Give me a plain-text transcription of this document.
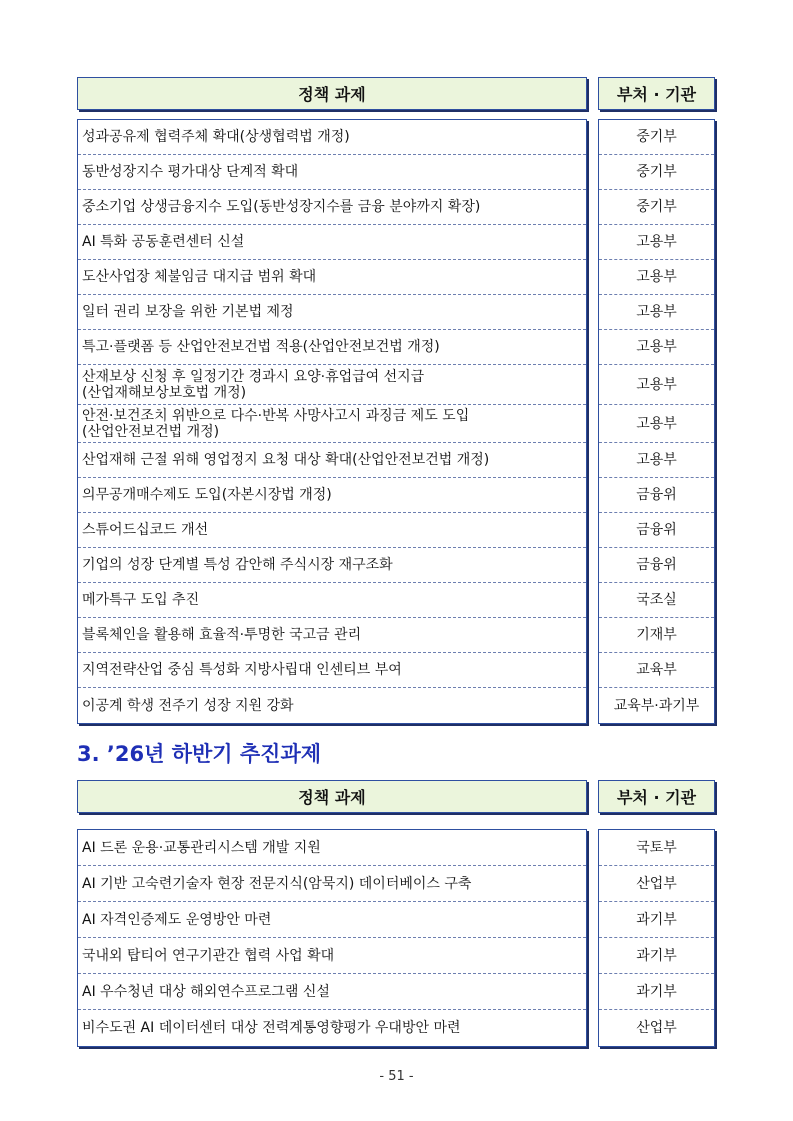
정책 과제	부처 · 기관
성과공유제 협력주체 확대(상생협력법 개정)
동반성장지수 평가대상 단계적 확대
중소기업 상생금융지수 도입(동반성장지수를 금융 분야까지 확장)
AI 특화 공동훈련센터 신설
도산사업장 체불임금 대지급 범위 확대
일터 권리 보장을 위한 기본법 제정
특고·플랫폼 등 산업안전보건법 적용(산업안전보건법 개정)
산재보상 신청 후 일정기간 경과시 요양·휴업급여 선지급
(산업재해보상보호법 개정)
안전·보건조치 위반으로 다수·반복 사망사고시 과징금 제도 도입
(산업안전보건법 개정)
산업재해 근절 위해 영업정지 요청 대상 확대(산업안전보건법 개정)
의무공개매수제도 도입(자본시장법 개정)
스튜어드십코드 개선
기업의 성장 단계별 특성 감안해 주식시장 재구조화
메가특구 도입 추진
블록체인을 활용해 효율적·투명한 국고금 관리
지역전략산업 중심 특성화 지방사립대 인센티브 부여
이공계 학생 전주기 성장 지원 강화
중기부
중기부
중기부
고용부
고용부
고용부
고용부
고용부
고용부
고용부
금융위
금융위
금융위
국조실
기재부
교육부
교육부·과기부
3. ’26년 하반기 추진과제
정책 과제	부처 · 기관
AI 드론 운용·교통관리시스템 개발 지원
AI 기반 고숙련기술자 현장 전문지식(암묵지) 데이터베이스 구축
AI 자격인증제도 운영방안 마련
국내외 탑티어 연구기관간 협력 사업 확대
AI 우수청년 대상 해외연수프로그램 신설
비수도권 AI 데이터센터 대상 전력계통영향평가 우대방안 마련
국토부
산업부
과기부
과기부
과기부
산업부
- 51 -
